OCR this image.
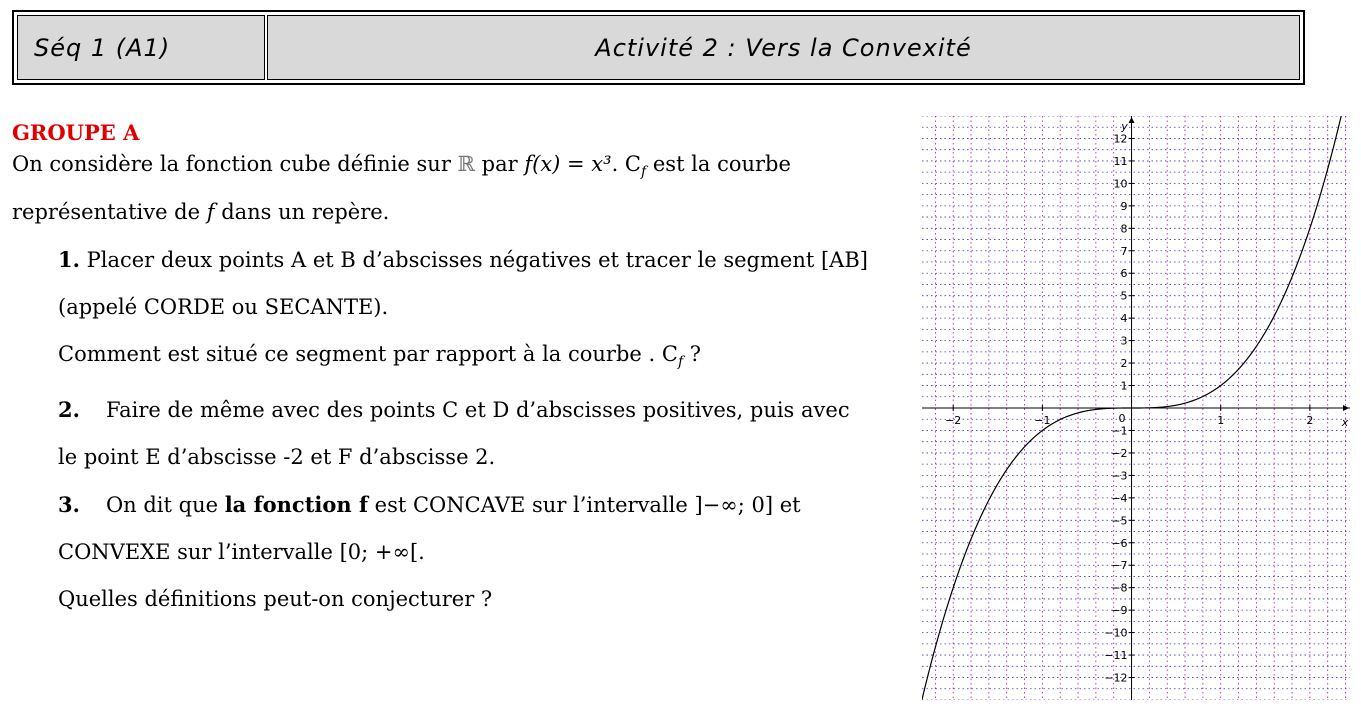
Séq 1 (A1)	Activité 2 : Vers la Convexité
GROUPE A
On considère la fonction cube définie sur ℝ par f(x) = x³. $C_f$ est la courbe
représentative de f dans un repère.
1. Placer deux points A et B d’abscisses négatives et tracer le segment [AB]
(appelé CORDE ou SECANTE).
Comment est situé ce segment par rapport à la courbe . $C_f$ ?
2. Faire de même avec des points C et D d’abscisses positives, puis avec
le point E d’abscisse -2 et F d’abscisse 2.
3. On dit que la fonction f est CONCAVE sur l’intervalle ]−∞; 0] et
CONVEXE sur l’intervalle [0; +∞[.
Quelles définitions peut-on conjecturer ?
−2	−1	1	2
−12
−11
−10
−9
−8
−7
−6
−5
−4
−3
−2
−1
1
2
3
4
5
6
7
8
9
10
11
12
0	x
y
